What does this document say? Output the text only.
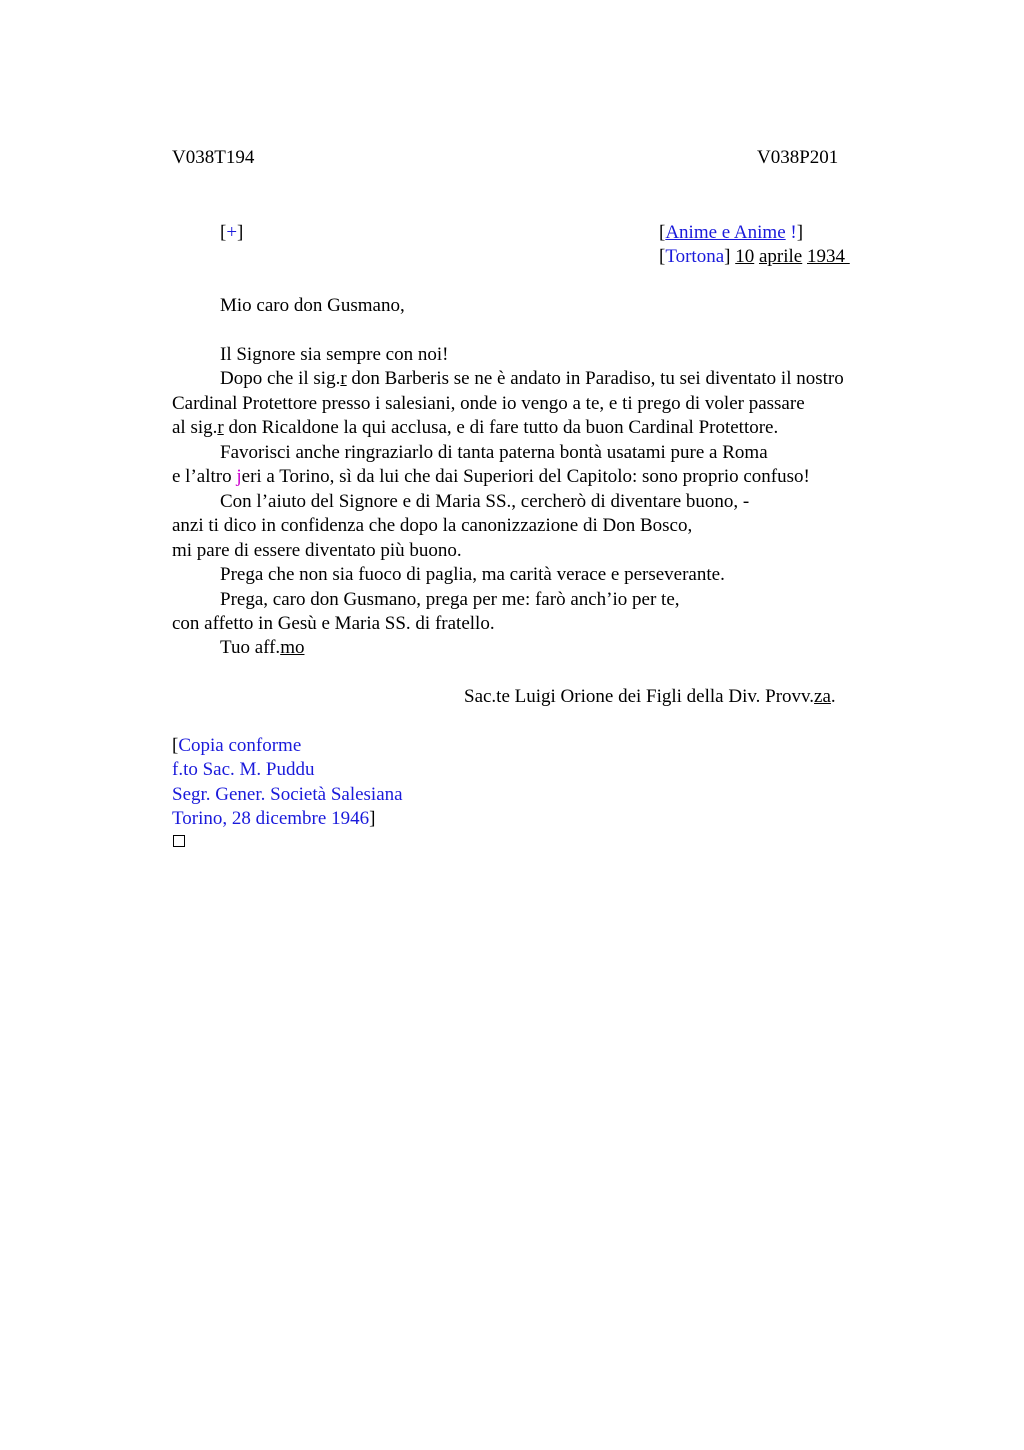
V038T194	V038P201
[+]	[Anime e Anime !]
[Tortona] 10 aprile 1934
Mio caro don Gusmano,
Il Signore sia sempre con noi!
Dopo che il sig.r don Barberis se ne è andato in Paradiso, tu sei diventato il nostro
Cardinal Protettore presso i salesiani, onde io vengo a te, e ti prego di voler passare
al sig.r don Ricaldone la qui acclusa, e di fare tutto da buon Cardinal Protettore.
Favorisci anche ringraziarlo di tanta paterna bontà usatami pure a Roma
e l’altro jeri a Torino, sì da lui che dai Superiori del Capitolo: sono proprio confuso!
Con l’aiuto del Signore e di Maria SS., cercherò di diventare buono, -
anzi ti dico in confidenza che dopo la canonizzazione di Don Bosco,
mi pare di essere diventato più buono.
Prega che non sia fuoco di paglia, ma carità verace e perseverante.
Prega, caro don Gusmano, prega per me: farò anch’io per te,
con affetto in Gesù e Maria SS. di fratello.
Tuo aff.mo
Sac.te Luigi Orione dei Figli della Div. Provv.za.
[Copia conforme
f.to Sac. M. Puddu
Segr. Gener. Società Salesiana
Torino, 28 dicembre 1946]
